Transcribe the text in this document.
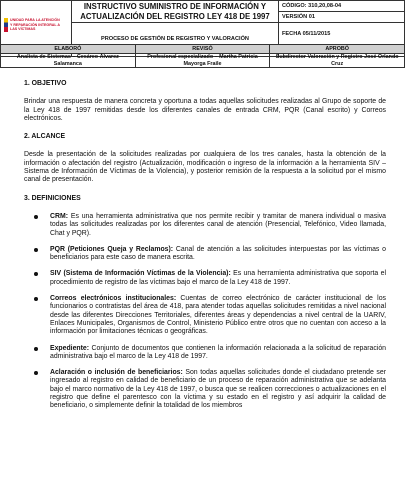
UNIDAD PARA LA ATENCIÓN Y REPARACIÓN INTEGRAL A LAS VÍCTIMAS	INSTRUCTIVO SUMINISTRO DE INFORMACIÓN Y ACTUALIZACIÓN DEL REGISTRO LEY 418 DE 1997	CÓDIGO: 310,20,08-04
		VERSIÓN 01
	PROCESO DE GESTIÓN DE REGISTRO Y VALORACIÓN	FECHA 05/11/2015

ELABORÓ	REVISÓ	APROBÓ
Analista de Sistemas – Cesáreo Álvarez Salamanca	Profesional especializado – Martha Patricia Mayorga Fraile	Subdirector Valoración y Registro José Orlando Cruz

1. OBJETIVO

Brindar una respuesta de manera concreta y oportuna a todas aquellas solicitudes realizadas al Grupo de soporte de la Ley 418 de 1997 remitidas desde los diferentes canales de entrada CRM, PQR (Canal escrito) y Correos electrónicos.

2. ALCANCE

Desde la presentación de la solicitudes realizadas por cualquiera de los tres canales, hasta la obtención de la información o afectación del registro (Actualización, modificación o ingreso de la información a la herramienta SIV – Sistema de Información de Víctimas de la Violencia), y posterior remisión de la respuesta a la solicitud por el mismo canal de presentación.

3. DEFINICIONES

CRM: Es una herramienta administrativa que nos permite recibir y tramitar de manera individual o masiva todas las solicitudes realizadas por los diferentes canal de atención (Presencial, Telefónico, Video llamada, Chat y PQR).
PQR (Peticiones Queja y Reclamos): Canal de atención a las solicitudes interpuestas por las víctimas o beneficiarios para este caso de manera escrita.
SIV (Sistema de Información Víctimas de la Violencia): Es una herramienta administrativa que soporta el procedimiento de registro de las víctimas bajo el marco de la Ley 418 de 1997.
Correos electrónicos institucionales: Cuentas de correo electrónico de carácter institucional de los funcionarios o contratistas del área de 418, para atender todas aquellas solicitudes remitidas a nivel nacional desde las diferentes Direcciones Territoriales, diferentes áreas y dependencias a nivel central de la UARIV, Enlaces Municipales, Organismos de Control, Ministerio Público entre otros que no cuentan con acceso a la información por limitaciones técnicas o geográficas.
Expediente: Conjunto de documentos que contienen la información relacionada a la solicitud de reparación administrativa bajo el marco de la Ley 418 de 1997.
Aclaración o inclusión de beneficiarios: Son todas aquellas solicitudes donde el ciudadano pretende ser ingresado al registro en calidad de beneficiario de un proceso de reparación administrativa que se adelanta bajo el marco normativo de la Ley 418 de 1997, o busca que se realicen correcciones o actualizaciones en el registro que define el parentesco con la víctima y su estado en el registro y así adquirir la calidad de beneficiario, o simplemente definir la totalidad de los miembros
